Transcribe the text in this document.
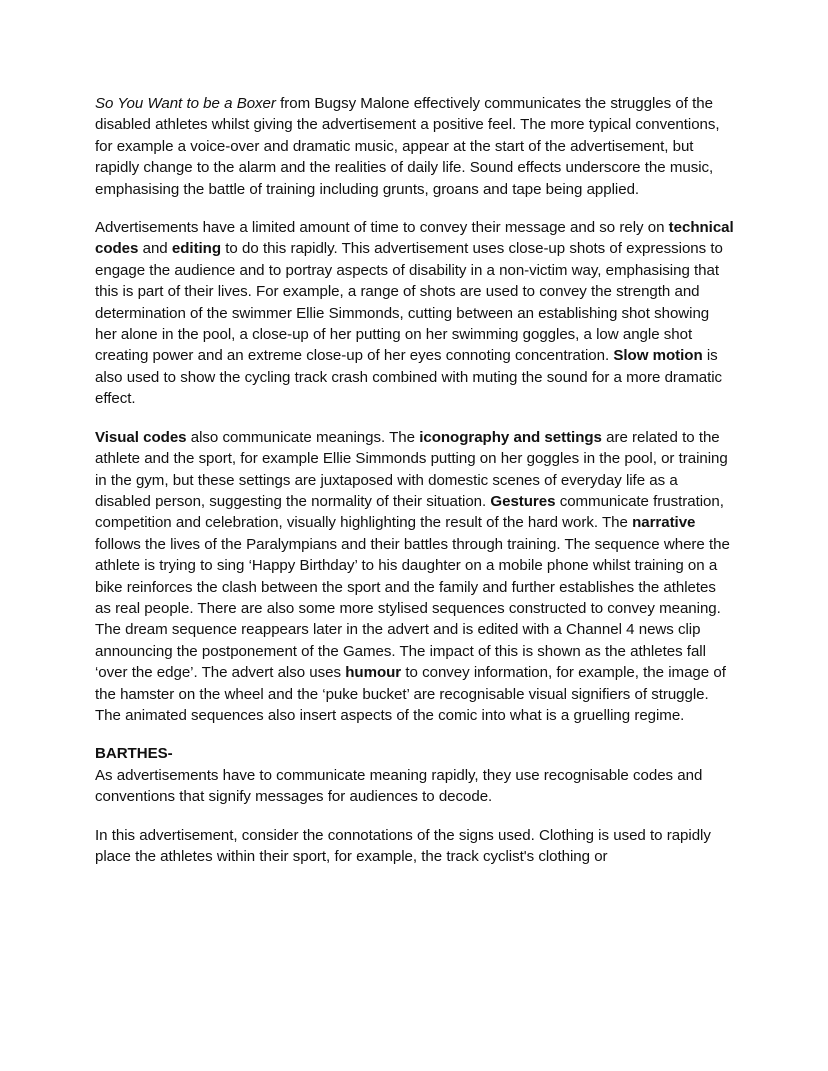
So You Want to be a Boxer from Bugsy Malone effectively communicates the struggles of the disabled athletes whilst giving the advertisement a positive feel. The more typical conventions, for example a voice-over and dramatic music, appear at the start of the advertisement, but rapidly change to the alarm and the realities of daily life. Sound effects underscore the music, emphasising the battle of training including grunts, groans and tape being applied.

Advertisements have a limited amount of time to convey their message and so rely on technical codes and editing to do this rapidly. This advertisement uses close-up shots of expressions to engage the audience and to portray aspects of disability in a non-victim way, emphasising that this is part of their lives. For example, a range of shots are used to convey the strength and determination of the swimmer Ellie Simmonds, cutting between an establishing shot showing her alone in the pool, a close-up of her putting on her swimming goggles, a low angle shot creating power and an extreme close-up of her eyes connoting concentration. Slow motion is also used to show the cycling track crash combined with muting the sound for a more dramatic effect.

Visual codes also communicate meanings. The iconography and settings are related to the athlete and the sport, for example Ellie Simmonds putting on her goggles in the pool, or training in the gym, but these settings are juxtaposed with domestic scenes of everyday life as a disabled person, suggesting the normality of their situation. Gestures communicate frustration, competition and celebration, visually highlighting the result of the hard work. The narrative follows the lives of the Paralympians and their battles through training. The sequence where the athlete is trying to sing ‘Happy Birthday’ to his daughter on a mobile phone whilst training on a bike reinforces the clash between the sport and the family and further establishes the athletes as real people. There are also some more stylised sequences constructed to convey meaning. The dream sequence reappears later in the advert and is edited with a Channel 4 news clip announcing the postponement of the Games. The impact of this is shown as the athletes fall ‘over the edge’. The advert also uses humour to convey information, for example, the image of the hamster on the wheel and the ‘puke bucket’ are recognisable visual signifiers of struggle. The animated sequences also insert aspects of the comic into what is a gruelling regime.

BARTHES-
As advertisements have to communicate meaning rapidly, they use recognisable codes and conventions that signify messages for audiences to decode.

In this advertisement, consider the connotations of the signs used. Clothing is used to rapidly place the athletes within their sport, for example, the track cyclist's clothing or
